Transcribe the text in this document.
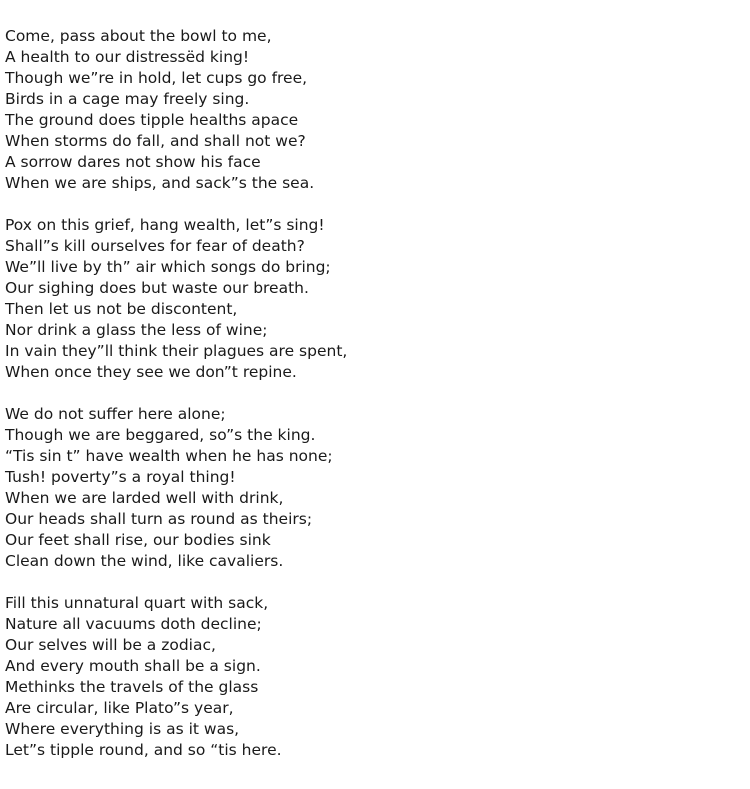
Come, pass about the bowl to me,
A health to our distressëd king!
Though we”re in hold, let cups go free,
Birds in a cage may freely sing.
The ground does tipple healths apace
When storms do fall, and shall not we?
A sorrow dares not show his face
When we are ships, and sack”s the sea.
Pox on this grief, hang wealth, let”s sing!
Shall”s kill ourselves for fear of death?
We”ll live by th” air which songs do bring;
Our sighing does but waste our breath.
Then let us not be discontent,
Nor drink a glass the less of wine;
In vain they”ll think their plagues are spent,
When once they see we don”t repine.
We do not suffer here alone;
Though we are beggared, so”s the king.
“Tis sin t” have wealth when he has none;
Tush! poverty”s a royal thing!
When we are larded well with drink,
Our heads shall turn as round as theirs;
Our feet shall rise, our bodies sink
Clean down the wind, like cavaliers.
Fill this unnatural quart with sack,
Nature all vacuums doth decline;
Our selves will be a zodiac,
And every mouth shall be a sign.
Methinks the travels of the glass
Are circular, like Plato”s year,
Where everything is as it was,
Let”s tipple round, and so “tis here.
